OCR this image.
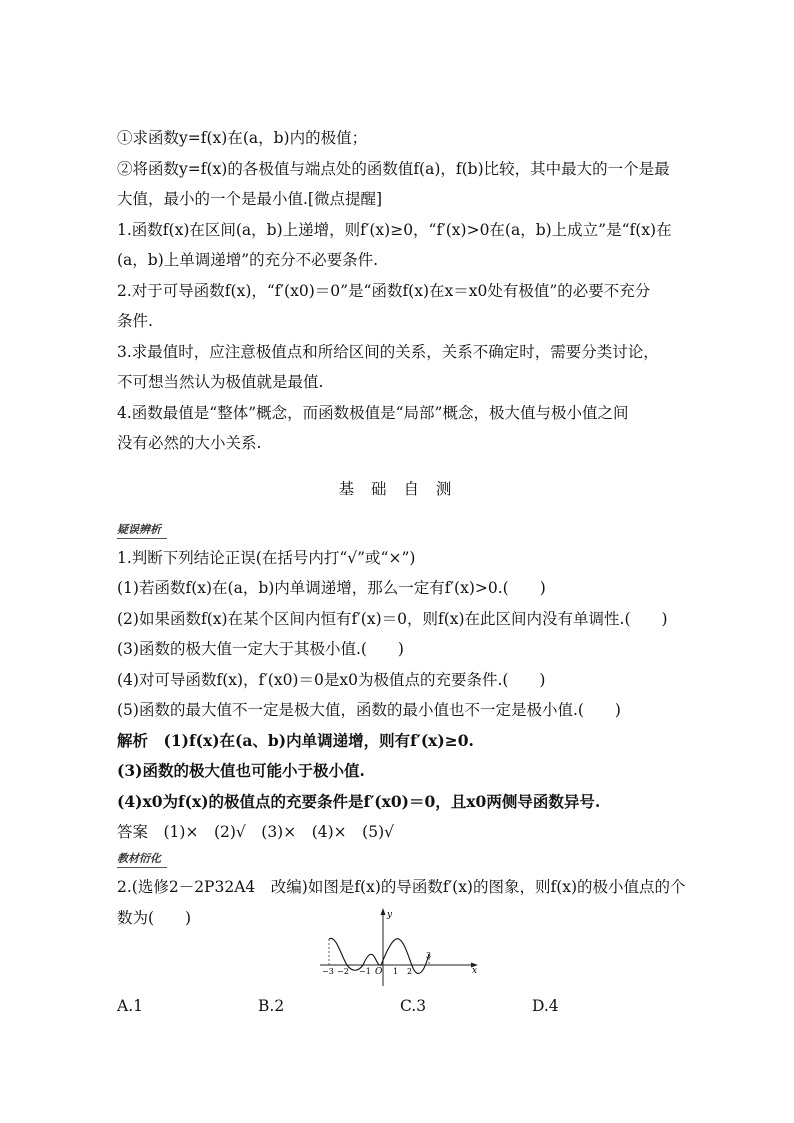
①求函数y=f(x)在(a，b)内的极值；

②将函数y=f(x)的各极值与端点处的函数值f(a)，f(b)比较，其中最大的一个是最

大值，最小的一个是最小值.[微点提醒]

1.函数f(x)在区间(a，b)上递增，则f′(x)≥0，“f′(x)>0在(a，b)上成立”是“f(x)在

(a，b)上单调递增”的充分不必要条件.

2.对于可导函数f(x)，“f′(x0)＝0”是“函数f(x)在x＝x0处有极值”的必要不充分

条件.

3.求最值时，应注意极值点和所给区间的关系，关系不确定时，需要分类讨论，

不可想当然认为极值就是最值.

4.函数最值是“整体”概念，而函数极值是“局部”概念，极大值与极小值之间

没有必然的大小关系.

基 础 自 测

疑误辨析

1.判断下列结论正误(在括号内打“√”或“×”)

(1)若函数f(x)在(a，b)内单调递增，那么一定有f′(x)>0.(　　)

(2)如果函数f(x)在某个区间内恒有f′(x)＝0，则f(x)在此区间内没有单调性.(　　)

(3)函数的极大值一定大于其极小值.(　　)

(4)对可导函数f(x)，f′(x0)＝0是x0为极值点的充要条件.(　　)

(5)函数的最大值不一定是极大值，函数的最小值也不一定是极小值.(　　)

解析　(1)f(x)在(a、b)内单调递增，则有f′(x)≥0.

(3)函数的极大值也可能小于极小值.

(4)x0为f(x)的极值点的充要条件是f′(x0)＝0，且x0两侧导函数异号.

答案　(1)×　(2)√　(3)×　(4)×　(5)√

教材衍化

2.(选修2－2P32A4　改编)如图是f(x)的导函数f′(x)的图象，则f(x)的极小值点的个

数为(　　)	y
x
O
−3 −2 −1	1 2
3
A.1	B.2	C.3	D.4
